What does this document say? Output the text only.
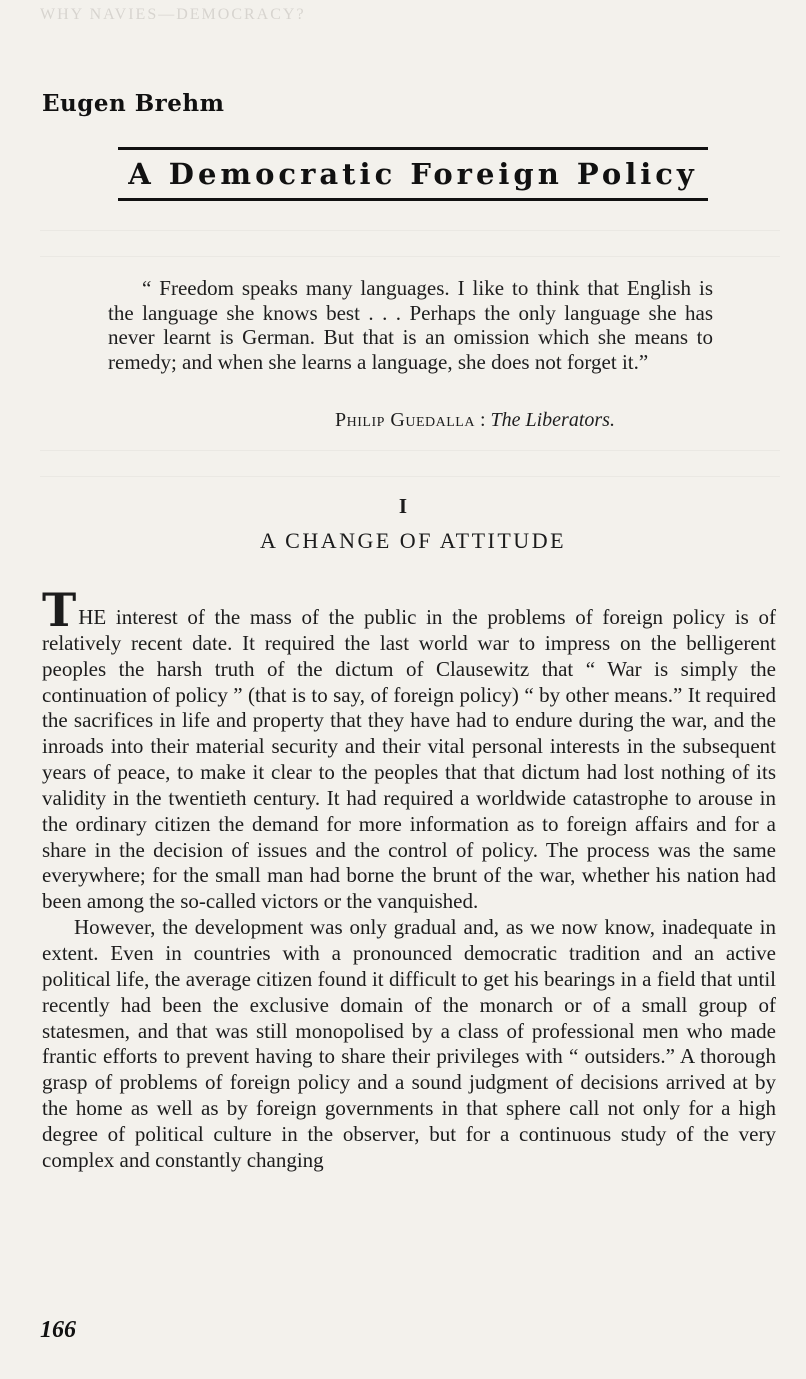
WHY NAVIES—DEMOCRACY?
Eugen Brehm
A Democratic Foreign Policy

“ Freedom speaks many languages. I like to think that English is the language she knows best . . . Perhaps the only language she has never learnt is German. But that is an omission which she means to remedy; and when she learns a language, she does not forget it.”

Philip Guedalla : The Liberators.
I
A CHANGE OF ATTITUDE

THE interest of the mass of the public in the problems of foreign policy is of relatively recent date. It required the last world war to impress on the belligerent peoples the harsh truth of the dictum of Clausewitz that “ War is simply the continuation of policy ” (that is to say, of foreign policy) “ by other means.” It required the sacrifices in life and property that they have had to endure during the war, and the inroads into their material security and their vital personal interests in the subsequent years of peace, to make it clear to the peoples that that dictum had lost nothing of its validity in the twentieth century. It had required a worldwide catastrophe to arouse in the ordinary citizen the demand for more information as to foreign affairs and for a share in the decision of issues and the control of policy. The process was the same everywhere; for the small man had borne the brunt of the war, whether his nation had been among the so-called victors or the vanquished.

However, the development was only gradual and, as we now know, inadequate in extent. Even in countries with a pronounced democratic tradition and an active political life, the average citizen found it difficult to get his bearings in a field that until recently had been the exclusive domain of the monarch or of a small group of statesmen, and that was still monopolised by a class of professional men who made frantic efforts to prevent having to share their privileges with “ outsiders.” A thorough grasp of problems of foreign policy and a sound judgment of decisions arrived at by the home as well as by foreign governments in that sphere call not only for a high degree of political culture in the observer, but for a continuous study of the very complex and constantly changing

166
